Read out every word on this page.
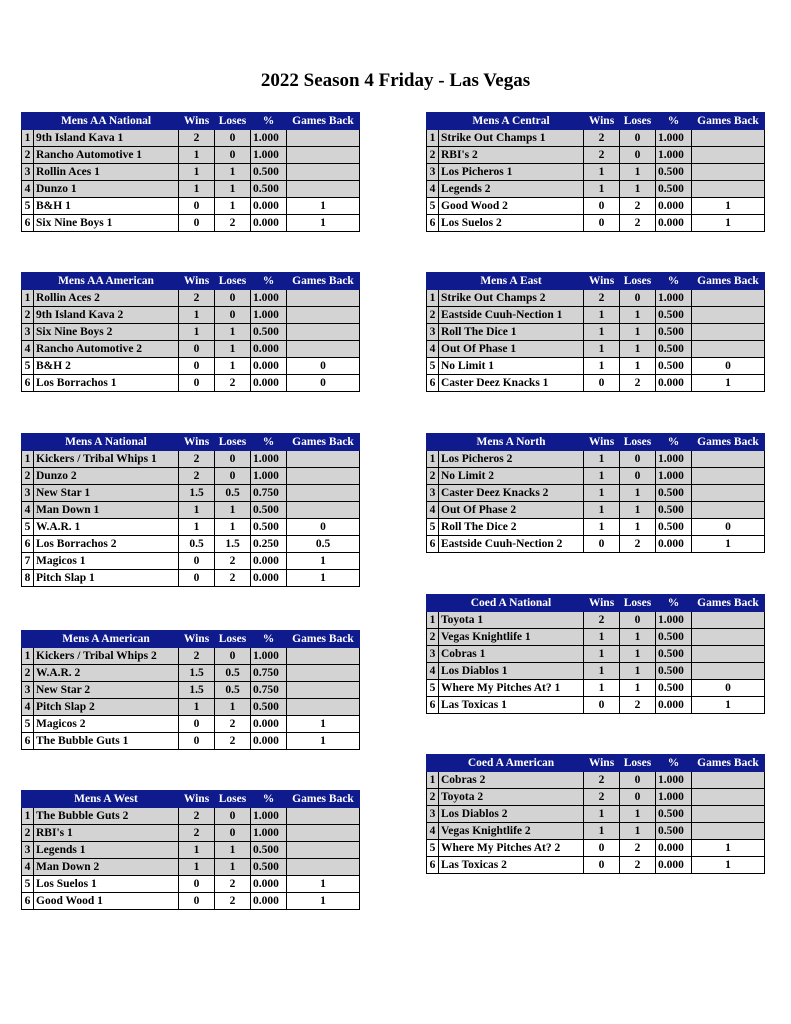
2022 Season 4 Friday - Las Vegas
	Mens AA National	Wins	Loses	%	Games Back
1	9th Island Kava 1	2	0	1.000	
2	Rancho Automotive 1	1	0	1.000	
3	Rollin Aces 1	1	1	0.500	
4	Dunzo 1	1	1	0.500	
5	B&H 1	0	1	0.000	1
6	Six Nine Boys 1	0	2	0.000	1
	Mens A Central	Wins	Loses	%	Games Back
1	Strike Out Champs 1	2	0	1.000	
2	RBI's 2	2	0	1.000	
3	Los Picheros 1	1	1	0.500	
4	Legends 2	1	1	0.500	
5	Good Wood 2	0	2	0.000	1
6	Los Suelos 2	0	2	0.000	1
	Mens AA American	Wins	Loses	%	Games Back
1	Rollin Aces 2	2	0	1.000	
2	9th Island Kava 2	1	0	1.000	
3	Six Nine Boys 2	1	1	0.500	
4	Rancho Automotive 2	0	1	0.000	
5	B&H 2	0	1	0.000	0
6	Los Borrachos 1	0	2	0.000	0
	Mens A East	Wins	Loses	%	Games Back
1	Strike Out Champs 2	2	0	1.000	
2	Eastside Cuuh-Nection 1	1	1	0.500	
3	Roll The Dice 1	1	1	0.500	
4	Out Of Phase 1	1	1	0.500	
5	No Limit 1	1	1	0.500	0
6	Caster Deez Knacks 1	0	2	0.000	1
	Mens A National	Wins	Loses	%	Games Back
1	Kickers / Tribal Whips 1	2	0	1.000	
2	Dunzo 2	2	0	1.000	
3	New Star 1	1.5	0.5	0.750	
4	Man Down 1	1	1	0.500	
5	W.A.R. 1	1	1	0.500	0
6	Los Borrachos 2	0.5	1.5	0.250	0.5
7	Magicos 1	0	2	0.000	1
8	Pitch Slap 1	0	2	0.000	1
	Mens A North	Wins	Loses	%	Games Back
1	Los Picheros 2	1	0	1.000	
2	No Limit 2	1	0	1.000	
3	Caster Deez Knacks 2	1	1	0.500	
4	Out Of Phase 2	1	1	0.500	
5	Roll The Dice 2	1	1	0.500	0
6	Eastside Cuuh-Nection 2	0	2	0.000	1
	Coed A National	Wins	Loses	%	Games Back
1	Toyota 1	2	0	1.000	
2	Vegas Knightlife 1	1	1	0.500	
3	Cobras 1	1	1	0.500	
4	Los Diablos 1	1	1	0.500	
5	Where My Pitches At? 1	1	1	0.500	0
6	Las Toxicas 1	0	2	0.000	1
	Mens A American	Wins	Loses	%	Games Back
1	Kickers / Tribal Whips 2	2	0	1.000	
2	W.A.R. 2	1.5	0.5	0.750	
3	New Star 2	1.5	0.5	0.750	
4	Pitch Slap 2	1	1	0.500	
5	Magicos 2	0	2	0.000	1
6	The Bubble Guts 1	0	2	0.000	1
	Coed A American	Wins	Loses	%	Games Back
1	Cobras 2	2	0	1.000	
2	Toyota 2	2	0	1.000	
3	Los Diablos 2	1	1	0.500	
4	Vegas Knightlife 2	1	1	0.500	
5	Where My Pitches At? 2	0	2	0.000	1
6	Las Toxicas 2	0	2	0.000	1
	Mens A West	Wins	Loses	%	Games Back
1	The Bubble Guts 2	2	0	1.000	
2	RBI's 1	2	0	1.000	
3	Legends 1	1	1	0.500	
4	Man Down 2	1	1	0.500	
5	Los Suelos 1	0	2	0.000	1
6	Good Wood 1	0	2	0.000	1
